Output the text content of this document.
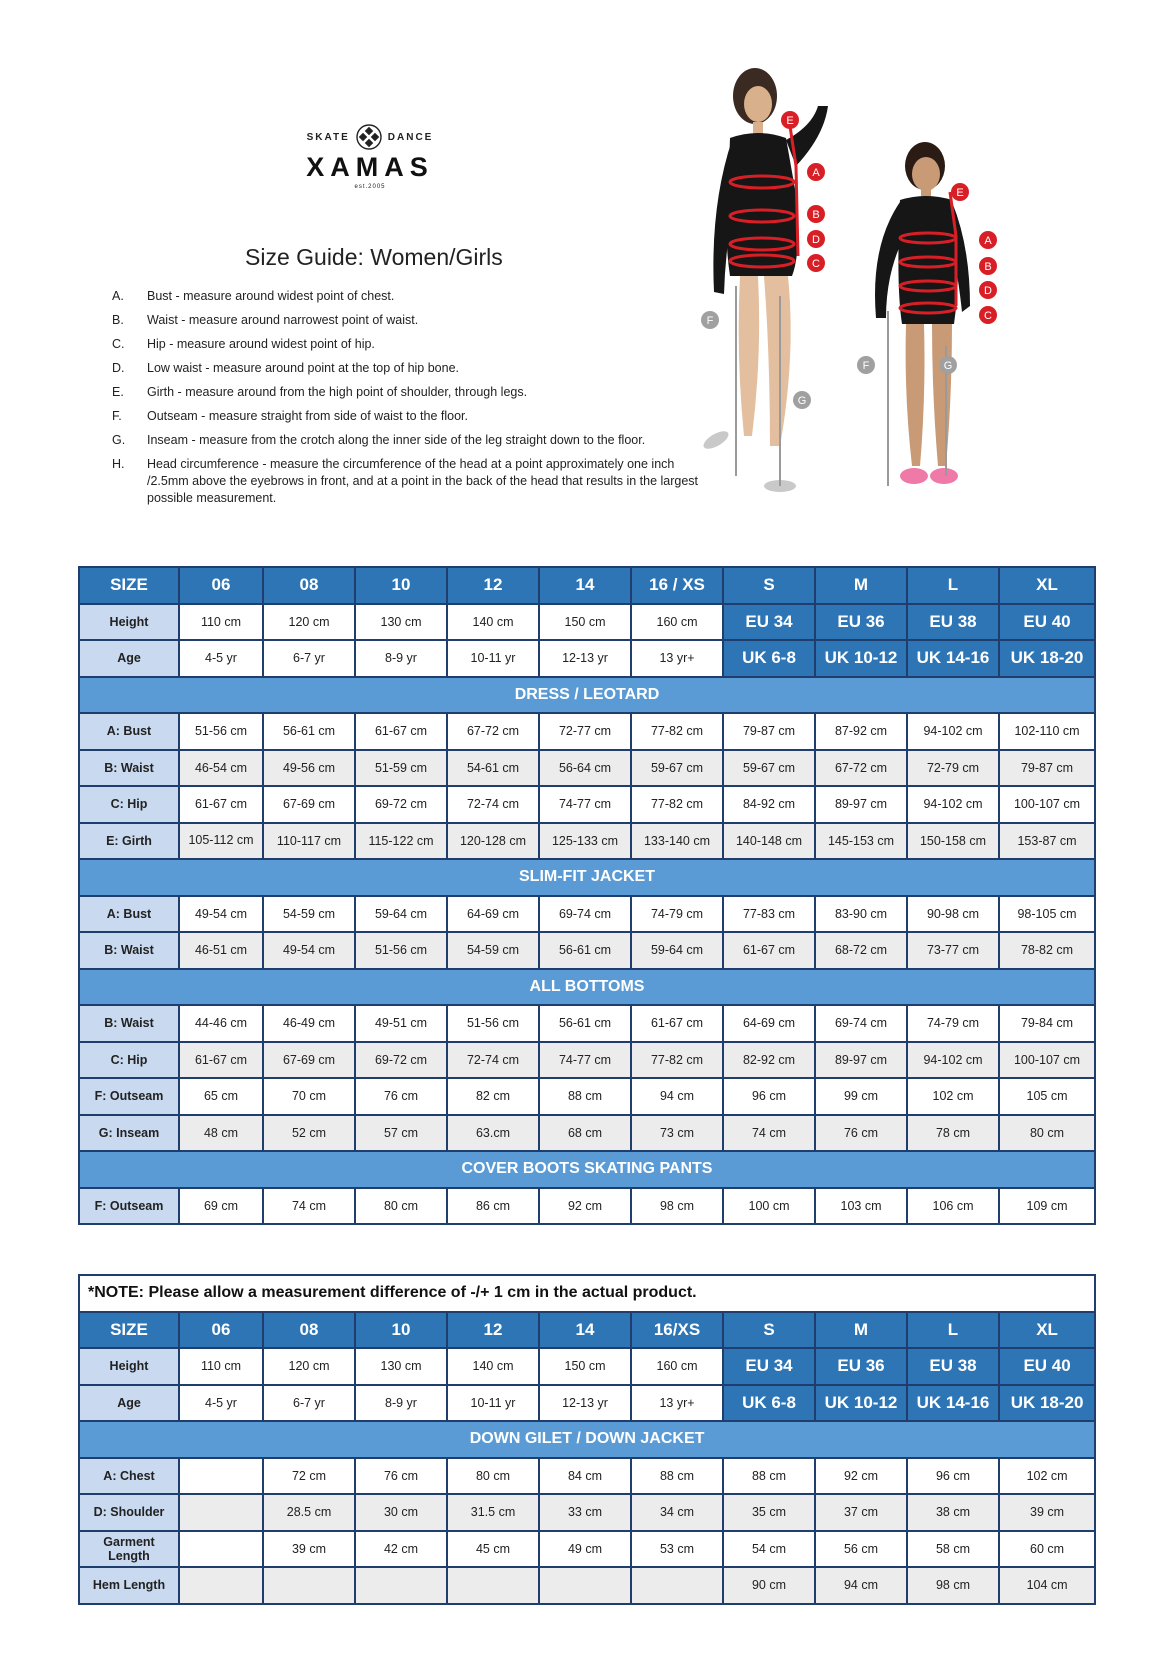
SKATE	DANCE
XAMAS
est.2005
Size Guide: Women/Girls
A.	Bust - measure around widest point of chest.
B.	Waist - measure around narrowest point of waist.
C.	Hip - measure around widest point of hip.
D.	Low waist - measure around point at the top of hip bone.
E.	Girth - measure around from the high point of shoulder, through legs.
F.	Outseam - measure straight from side of waist to the floor.
G.	Inseam - measure from the crotch along the inner side of the leg straight down to the floor.
H.	Head circumference - measure the circumference of the head at a point approximately one inch /2.5mm above the eyebrows in front, and at a point in the back of the head that results in the largest possible measurement.
E
A
B
D
C
F
G
E
A
B
D
C
F	G
SIZE	06	08	10	12	14	16 / XS	S	M	L	XL
Height	110 cm	120 cm	130 cm	140 cm	150 cm	160 cm	EU 34	EU 36	EU 38	EU 40
Age	4-5 yr	6-7 yr	8-9 yr	10-11 yr	12-13 yr	13 yr+	UK 6-8	UK 10-12	UK 14-16	UK 18-20
DRESS / LEOTARD										
A: Bust	51-56 cm	56-61 cm	61-67 cm	67-72 cm	72-77 cm	77-82 cm	79-87 cm	87-92 cm	94-102 cm	102-110 cm
B: Waist	46-54 cm	49-56 cm	51-59 cm	54-61 cm	56-64 cm	59-67 cm	59-67 cm	67-72 cm	72-79 cm	79-87 cm
C: Hip	61-67 cm	67-69 cm	69-72 cm	72-74 cm	74-77 cm	77-82 cm	84-92 cm	89-97 cm	94-102 cm	100-107 cm
E: Girth	105-112 cm	110-117 cm	115-122 cm	120-128 cm	125-133 cm	133-140 cm	140-148 cm	145-153 cm	150-158 cm	153-87 cm
SLIM-FIT JACKET										
A: Bust	49-54 cm	54-59 cm	59-64 cm	64-69 cm	69-74 cm	74-79 cm	77-83 cm	83-90 cm	90-98 cm	98-105 cm
B: Waist	46-51 cm	49-54 cm	51-56 cm	54-59 cm	56-61 cm	59-64 cm	61-67 cm	68-72 cm	73-77 cm	78-82 cm
ALL BOTTOMS										
B: Waist	44-46 cm	46-49 cm	49-51 cm	51-56 cm	56-61 cm	61-67 cm	64-69 cm	69-74 cm	74-79 cm	79-84 cm
C: Hip	61-67 cm	67-69 cm	69-72 cm	72-74 cm	74-77 cm	77-82 cm	82-92 cm	89-97 cm	94-102 cm	100-107 cm
F: Outseam	65 cm	70 cm	76 cm	82 cm	88 cm	94 cm	96 cm	99 cm	102 cm	105 cm
G: Inseam	48 cm	52 cm	57 cm	63.cm	68 cm	73 cm	74 cm	76 cm	78 cm	80 cm
COVER BOOTS SKATING PANTS										
F: Outseam	69 cm	74 cm	80 cm	86 cm	92 cm	98 cm	100 cm	103 cm	106 cm	109 cm
*NOTE: Please allow a measurement difference of -/+ 1 cm in the actual product.										
SIZE	06	08	10	12	14	16/XS	S	M	L	XL
Height	110 cm	120 cm	130 cm	140 cm	150 cm	160 cm	EU 34	EU 36	EU 38	EU 40
Age	4-5 yr	6-7 yr	8-9 yr	10-11 yr	12-13 yr	13 yr+	UK 6-8	UK 10-12	UK 14-16	UK 18-20
DOWN GILET / DOWN JACKET										
A: Chest		72 cm	76 cm	80 cm	84 cm	88 cm	88 cm	92 cm	96 cm	102 cm
D: Shoulder		28.5 cm	30 cm	31.5 cm	33 cm	34 cm	35 cm	37 cm	38 cm	39 cm
Garment Length		39 cm	42 cm	45 cm	49 cm	53 cm	54 cm	56 cm	58 cm	60 cm
Hem Length							90 cm	94 cm	98 cm	104 cm
